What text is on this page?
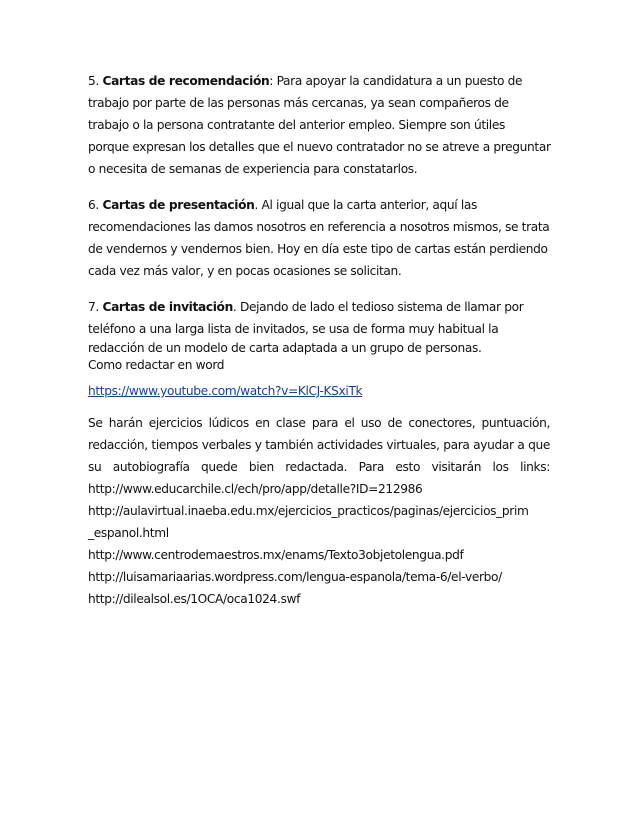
5. Cartas de recomendación: Para apoyar la candidatura a un puesto de
trabajo por parte de las personas más cercanas, ya sean compañeros de
trabajo o la persona contratante del anterior empleo. Siempre son útiles
porque expresan los detalles que el nuevo contratador no se atreve a preguntar
o necesita de semanas de experiencia para constatarlos.
6. Cartas de presentación. Al igual que la carta anterior, aquí las
recomendaciones las damos nosotros en referencia a nosotros mismos, se trata
de vendernos y vendernos bien. Hoy en día este tipo de cartas están perdiendo
cada vez más valor, y en pocas ocasiones se solicitan.
7. Cartas de invitación. Dejando de lado el tedioso sistema de llamar por
teléfono a una larga lista de invitados, se usa de forma muy habitual la
redacción de un modelo de carta adaptada a un grupo de personas.
Como redactar en word
https://www.youtube.com/watch?v=KlCJ-KSxiTk
Se harán ejercicios lúdicos en clase para el uso de conectores, puntuación,
redacción, tiempos verbales y también actividades virtuales, para ayudar a que
su autobiografía quede bien redactada. Para esto visitarán los links:
http://www.educarchile.cl/ech/pro/app/detalle?ID=212986
http://aulavirtual.inaeba.edu.mx/ejercicios_practicos/paginas/ejercicios_prim
_espanol.html
http://www.centrodemaestros.mx/enams/Texto3objetolengua.pdf
http://luisamariaarias.wordpress.com/lengua-espanola/tema-6/el-verbo/
http://dilealsol.es/1OCA/oca1024.swf
